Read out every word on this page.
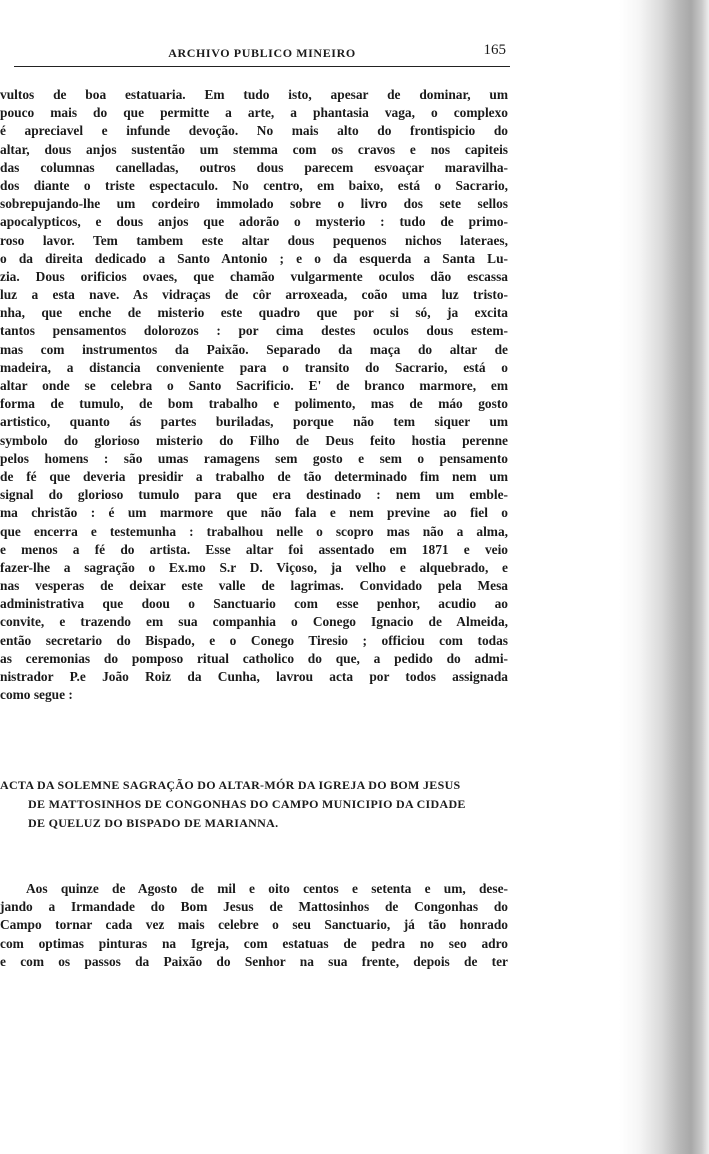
ARCHIVO PUBLICO MINEIRO	165
vultos de boa estatuaria. Em tudo isto, apesar de dominar, um
pouco mais do que permitte a arte, a phantasia vaga, o complexo
é apreciavel e infunde devoção. No mais alto do frontispicio do
altar, dous anjos sustentão um stemma com os cravos e nos capiteis
das columnas canelladas, outros dous parecem esvoaçar maravilha-
dos diante o triste espectaculo. No centro, em baixo, está o Sacrario,
sobrepujando-lhe um cordeiro immolado sobre o livro dos sete sellos
apocalypticos, e dous anjos que adorão o mysterio : tudo de primo-
roso lavor. Tem tambem este altar dous pequenos nichos lateraes,
o da direita dedicado a Santo Antonio ; e o da esquerda a Santa Lu-
zia. Dous orificios ovaes, que chamão vulgarmente oculos dão escassa
luz a esta nave. As vidraças de côr arroxeada, coão uma luz tristo-
nha, que enche de misterio este quadro que por si só, ja excita
tantos pensamentos dolorozos : por cima destes oculos dous estem-
mas com instrumentos da Paixão. Separado da maça do altar de
madeira, a distancia conveniente para o transito do Sacrario, está o
altar onde se celebra o Santo Sacrificio. E' de branco marmore, em
forma de tumulo, de bom trabalho e polimento, mas de máo gosto
artistico, quanto ás partes buriladas, porque não tem siquer um
symbolo do glorioso misterio do Filho de Deus feito hostia perenne
pelos homens : são umas ramagens sem gosto e sem o pensamento
de fé que deveria presidir a trabalho de tão determinado fim nem um
signal do glorioso tumulo para que era destinado : nem um emble-
ma christão : é um marmore que não fala e nem previne ao fiel o
que encerra e testemunha : trabalhou nelle o scopro mas não a alma,
e menos a fé do artista. Esse altar foi assentado em 1871 e veio
fazer-lhe a sagração o Ex.mo S.r D. Viçoso, ja velho e alquebrado, e
nas vesperas de deixar este valle de lagrimas. Convidado pela Mesa
administrativa que doou o Sanctuario com esse penhor, acudio ao
convite, e trazendo em sua companhia o Conego Ignacio de Almeida,
então secretario do Bispado, e o Conego Tiresio ; officiou com todas
as ceremonias do pomposo ritual catholico do que, a pedido do admi-
nistrador P.e João Roiz da Cunha, lavrou acta por todos assignada
como segue :
ACTA DA SOLEMNE SAGRAÇÃO DO ALTAR-MÓR DA IGREJA DO BOM JESUS
DE MATTOSINHOS DE CONGONHAS DO CAMPO MUNICIPIO DA CIDADE
DE QUELUZ DO BISPADO DE MARIANNA.
Aos quinze de Agosto de mil e oito centos e setenta e um, dese-
jando a Irmandade do Bom Jesus de Mattosinhos de Congonhas do
Campo tornar cada vez mais celebre o seu Sanctuario, já tão honrado
com optimas pinturas na Igreja, com estatuas de pedra no seo adro
e com os passos da Paixão do Senhor na sua frente, depois de ter
